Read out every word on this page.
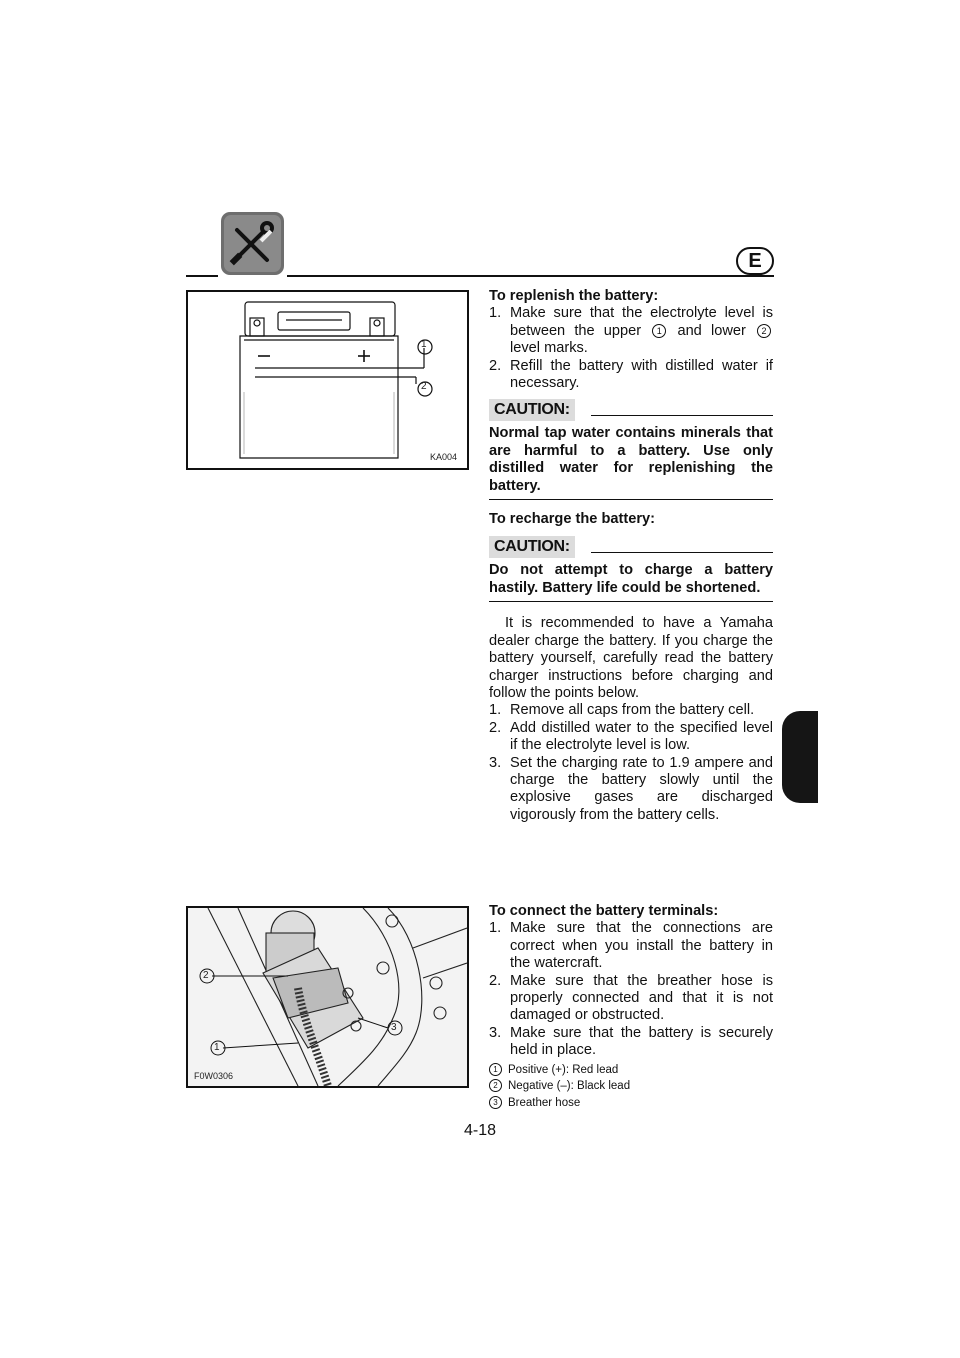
E
KA004
1
2
2
1
3
F0W0306
To replenish the battery:
1. Make sure that the electrolyte level is between the upper 1 and lower 2 level marks.
2. Refill the battery with distilled water if necessary.
CAUTION:
Normal tap water contains minerals that are harmful to a battery. Use only distilled water for replenishing the battery.
To recharge the battery:
CAUTION:
Do not attempt to charge a battery hastily. Battery life could be shortened.
It is recommended to have a Yamaha dealer charge the battery. If you charge the battery yourself, carefully read the battery charger instructions before charging and follow the points below.
1. Remove all caps from the battery cell.
2. Add distilled water to the specified level if the electrolyte level is low.
3. Set the charging rate to 1.9 ampere and charge the battery slowly until the explosive gases are discharged vigorously from the battery cells.
To connect the battery terminals:
1. Make sure that the connections are correct when you install the battery in the watercraft.
2. Make sure that the breather hose is properly connected and that it is not damaged or obstructed.
3. Make sure that the battery is securely held in place.
1 Positive (+): Red lead
2 Negative (–): Black lead
3 Breather hose
4-18
